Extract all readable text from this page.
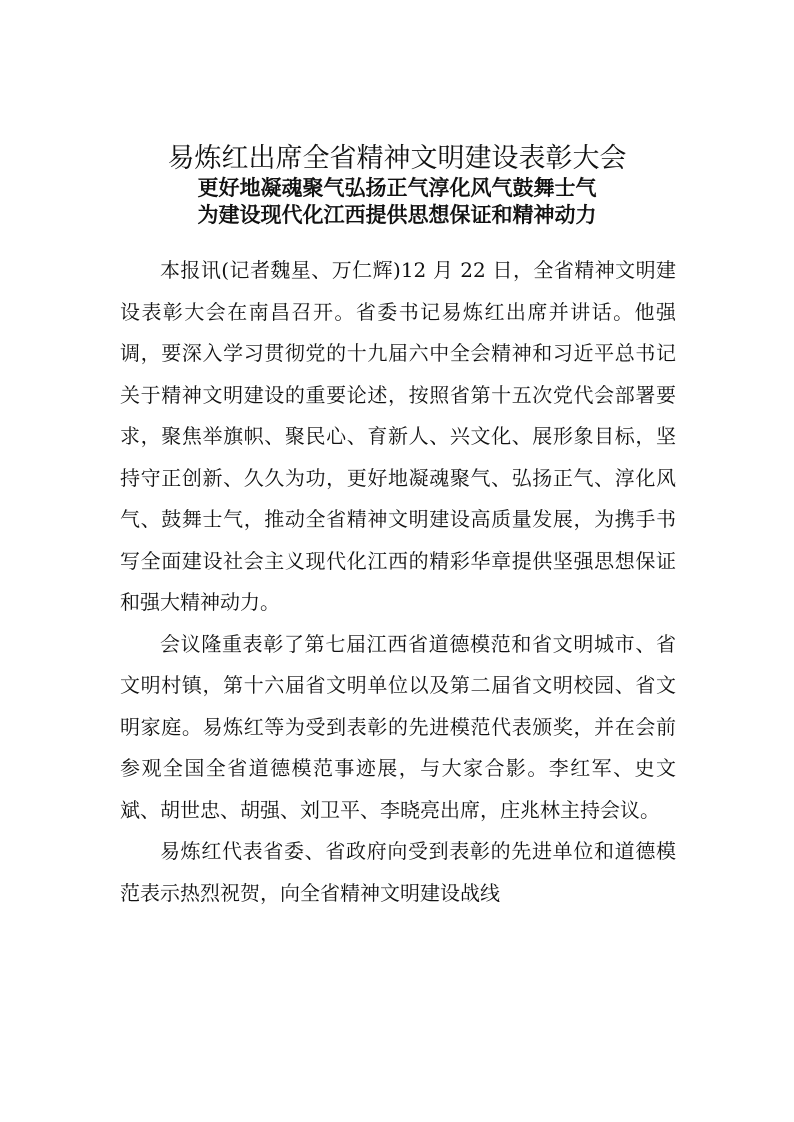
易炼红出席全省精神文明建设表彰大会
更好地凝魂聚气弘扬正气淳化风气鼓舞士气
为建设现代化江西提供思想保证和精神动力

本报讯(记者魏星、万仁辉)12 月 22 日，全省精神文明建设表彰大会在南昌召开。省委书记易炼红出席并讲话。他强调，要深入学习贯彻党的十九届六中全会精神和习近平总书记关于精神文明建设的重要论述，按照省第十五次党代会部署要求，聚焦举旗帜、聚民心、育新人、兴文化、展形象目标，坚持守正创新、久久为功，更好地凝魂聚气、弘扬正气、淳化风气、鼓舞士气，推动全省精神文明建设高质量发展，为携手书写全面建设社会主义现代化江西的精彩华章提供坚强思想保证和强大精神动力。

会议隆重表彰了第七届江西省道德模范和省文明城市、省文明村镇，第十六届省文明单位以及第二届省文明校园、省文明家庭。易炼红等为受到表彰的先进模范代表颁奖，并在会前参观全国全省道德模范事迹展，与大家合影。李红军、史文斌、胡世忠、胡强、刘卫平、李晓亮出席，庄兆林主持会议。

易炼红代表省委、省政府向受到表彰的先进单位和道德模范表示热烈祝贺，向全省精神文明建设战线
